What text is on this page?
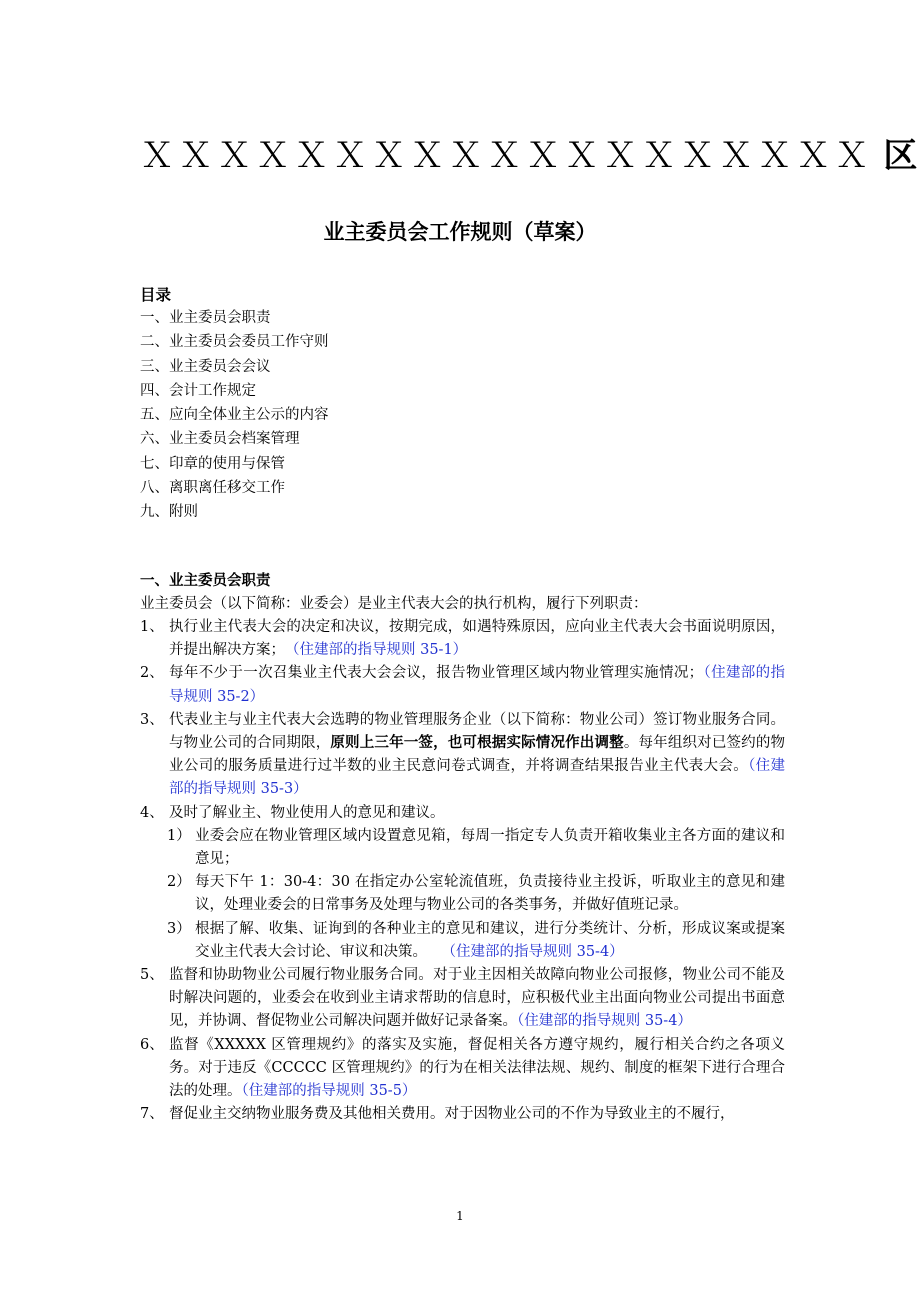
ＸＸＸＸＸＸＸＸＸＸＸＸＸＸＸＸＸＸＸ 区
业主委员会工作规则（草案）
目录
一、业主委员会职责
二、业主委员会委员工作守则
三、业主委员会会议
四、会计工作规定
五、应向全体业主公示的内容
六、业主委员会档案管理
七、印章的使用与保管
八、离职离任移交工作
九、附则
一、业主委员会职责
业主委员会（以下简称：业委会）是业主代表大会的执行机构，履行下列职责：
1、 执行业主代表大会的决定和决议，按期完成，如遇特殊原因，应向业主代表大会书面说明原因，并提出解决方案；　（住建部的指导规则 35-1）
2、 每年不少于一次召集业主代表大会会议，报告物业管理区域内物业管理实施情况；（住建部的指导规则 35-2）
3、 代表业主与业主代表大会选聘的物业管理服务企业（以下简称：物业公司）签订物业服务合同。与物业公司的合同期限，原则上三年一签，也可根据实际情况作出调整。每年组织对已签约的物业公司的服务质量进行过半数的业主民意问卷式调查，并将调查结果报告业主代表大会。（住建部的指导规则 35-3）
4、 及时了解业主、物业使用人的意见和建议。
1） 业委会应在物业管理区域内设置意见箱，每周一指定专人负责开箱收集业主各方面的建议和意见；
2） 每天下午 1：30-4：30 在指定办公室轮流值班，负责接待业主投诉，听取业主的意见和建议，处理业委会的日常事务及处理与物业公司的各类事务，并做好值班记录。
3） 根据了解、收集、证询到的各种业主的意见和建议，进行分类统计、分析，形成议案或提案交业主代表大会讨论、审议和决策。　　（住建部的指导规则 35-4）
5、 监督和协助物业公司履行物业服务合同。对于业主因相关故障向物业公司报修，物业公司不能及时解决问题的，业委会在收到业主请求帮助的信息时，应积极代业主出面向物业公司提出书面意见，并协调、督促物业公司解决问题并做好记录备案。（住建部的指导规则 35-4）
6、 监督《XXXXX 区管理规约》的落实及实施，督促相关各方遵守规约，履行相关合约之各项义务。对于违反《CCCCC 区管理规约》的行为在相关法律法规、规约、制度的框架下进行合理合法的处理。（住建部的指导规则 35-5）
7、 督促业主交纳物业服务费及其他相关费用。对于因物业公司的不作为导致业主的不履行，
1
